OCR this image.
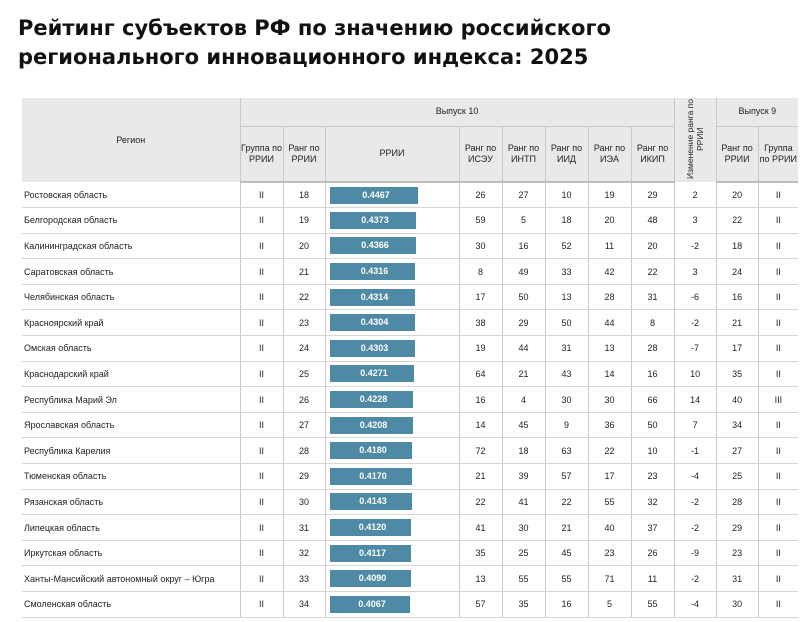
Рейтинг субъектов РФ по значению российского регионального инновационного индекса: 2025
Регион	Выпуск 10								Изменение ранга по РРИИ	Выпуск 9	
	Группа по РРИИ	Ранг по РРИИ	РРИИ	Ранг по ИСЭУ	Ранг по ИНТП	Ранг по ИИД	Ранг по ИЭА	Ранг по ИКИП		Ранг по РРИИ	Группа по РРИИ
Ростовская область	II	18	0.4467	26	27	10	19	29	2	20	II
Белгородская область	II	19	0.4373	59	5	18	20	48	3	22	II
Калининградская область	II	20	0.4366	30	16	52	11	20	-2	18	II
Саратовская область	II	21	0.4316	8	49	33	42	22	3	24	II
Челябинская область	II	22	0.4314	17	50	13	28	31	-6	16	II
Красноярский край	II	23	0.4304	38	29	50	44	8	-2	21	II
Омская область	II	24	0.4303	19	44	31	13	28	-7	17	II
Краснодарский край	II	25	0.4271	64	21	43	14	16	10	35	II
Республика Марий Эл	II	26	0.4228	16	4	30	30	66	14	40	III
Ярославская область	II	27	0.4208	14	45	9	36	50	7	34	II
Республика Карелия	II	28	0.4180	72	18	63	22	10	-1	27	II
Тюменская область	II	29	0.4170	21	39	57	17	23	-4	25	II
Рязанская область	II	30	0.4143	22	41	22	55	32	-2	28	II
Липецкая область	II	31	0.4120	41	30	21	40	37	-2	29	II
Иркутская область	II	32	0.4117	35	25	45	23	26	-9	23	II
Ханты-Мансийский автономный округ – Югра	II	33	0.4090	13	55	55	71	11	-2	31	II
Смоленская область	II	34	0.4067	57	35	16	5	55	-4	30	II
